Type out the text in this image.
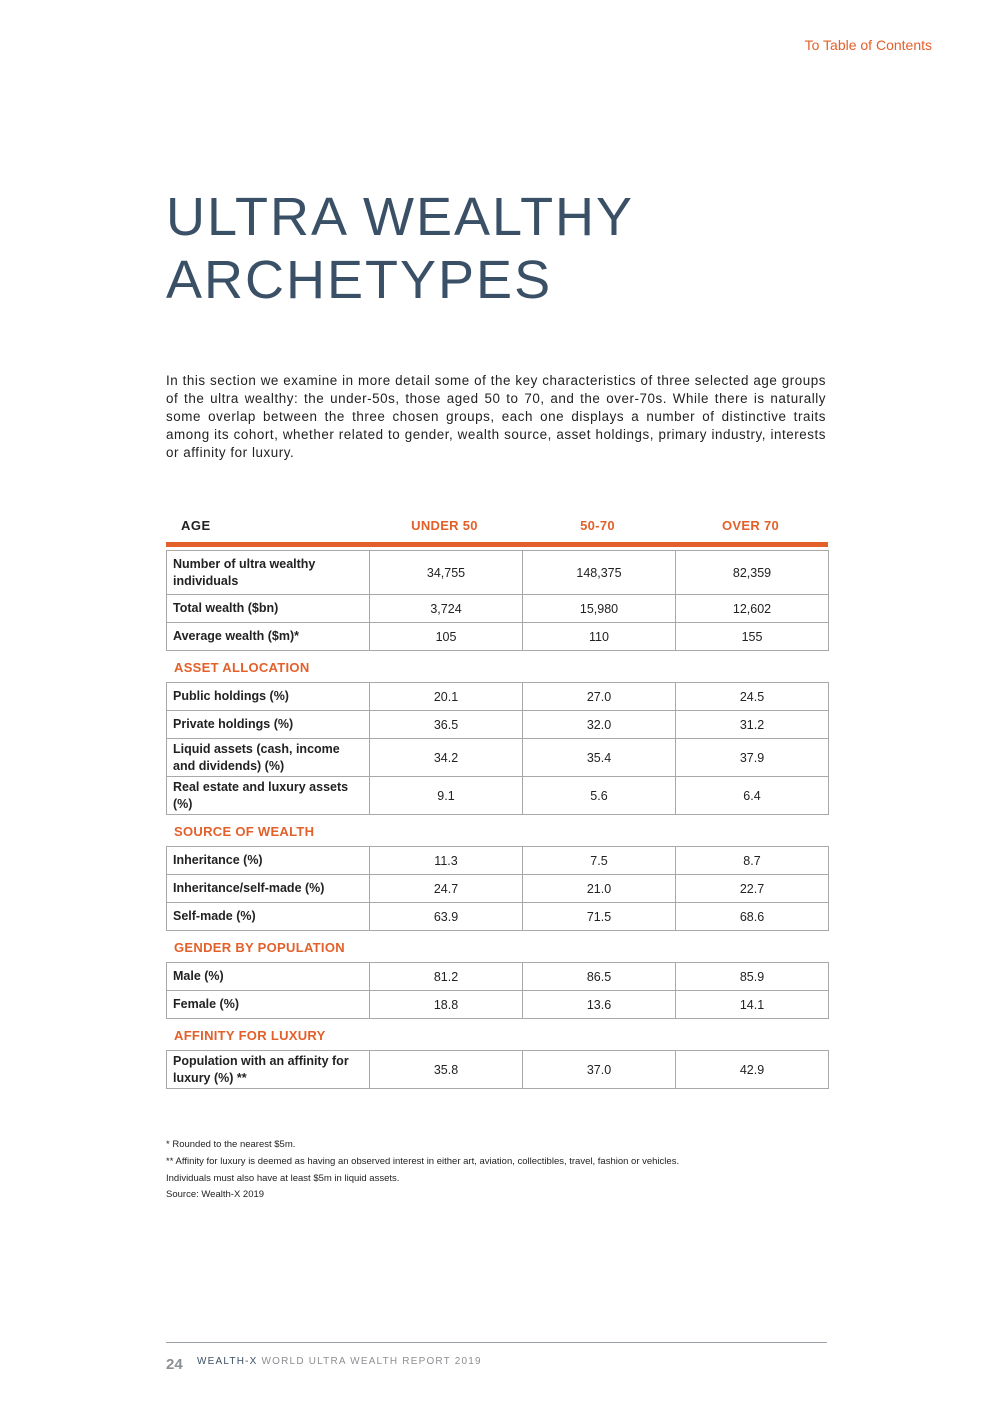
To Table of Contents
ULTRA WEALTHY
ARCHETYPES

In this section we examine in more detail some of the key characteristics of three selected age groups of the ultra wealthy: the under-50s, those aged 50 to 70, and the over-70s. While there is naturally some overlap between the three chosen groups, each one displays a number of distinctive traits among its cohort, whether related to gender, wealth source, asset holdings, primary industry, interests or affinity for luxury.

AGE	UNDER 50	50-70	OVER 70
Number of ultra wealthy individuals	34,755	148,375	82,359
Total wealth ($bn)	3,724	15,980	12,602
Average wealth ($m)*	105	110	155
ASSET ALLOCATION
Public holdings (%)	20.1	27.0	24.5
Private holdings (%)	36.5	32.0	31.2
Liquid assets (cash, income and dividends) (%)	34.2	35.4	37.9
Real estate and luxury assets (%)	9.1	5.6	6.4
SOURCE OF WEALTH
Inheritance (%)	11.3	7.5	8.7
Inheritance/self-made (%)	24.7	21.0	22.7
Self-made (%)	63.9	71.5	68.6
GENDER BY POPULATION
Male (%)	81.2	86.5	85.9
Female (%)	18.8	13.6	14.1
AFFINITY FOR LUXURY
Population with an affinity for luxury (%) **	35.8	37.0	42.9
* Rounded to the nearest $5m.
** Affinity for luxury is deemed as having an observed interest in either art, aviation, collectibles, travel, fashion or vehicles.
Individuals must also have at least $5m in liquid assets.
Source: Wealth-X 2019
24 WEALTH-X WORLD ULTRA WEALTH REPORT 2019
